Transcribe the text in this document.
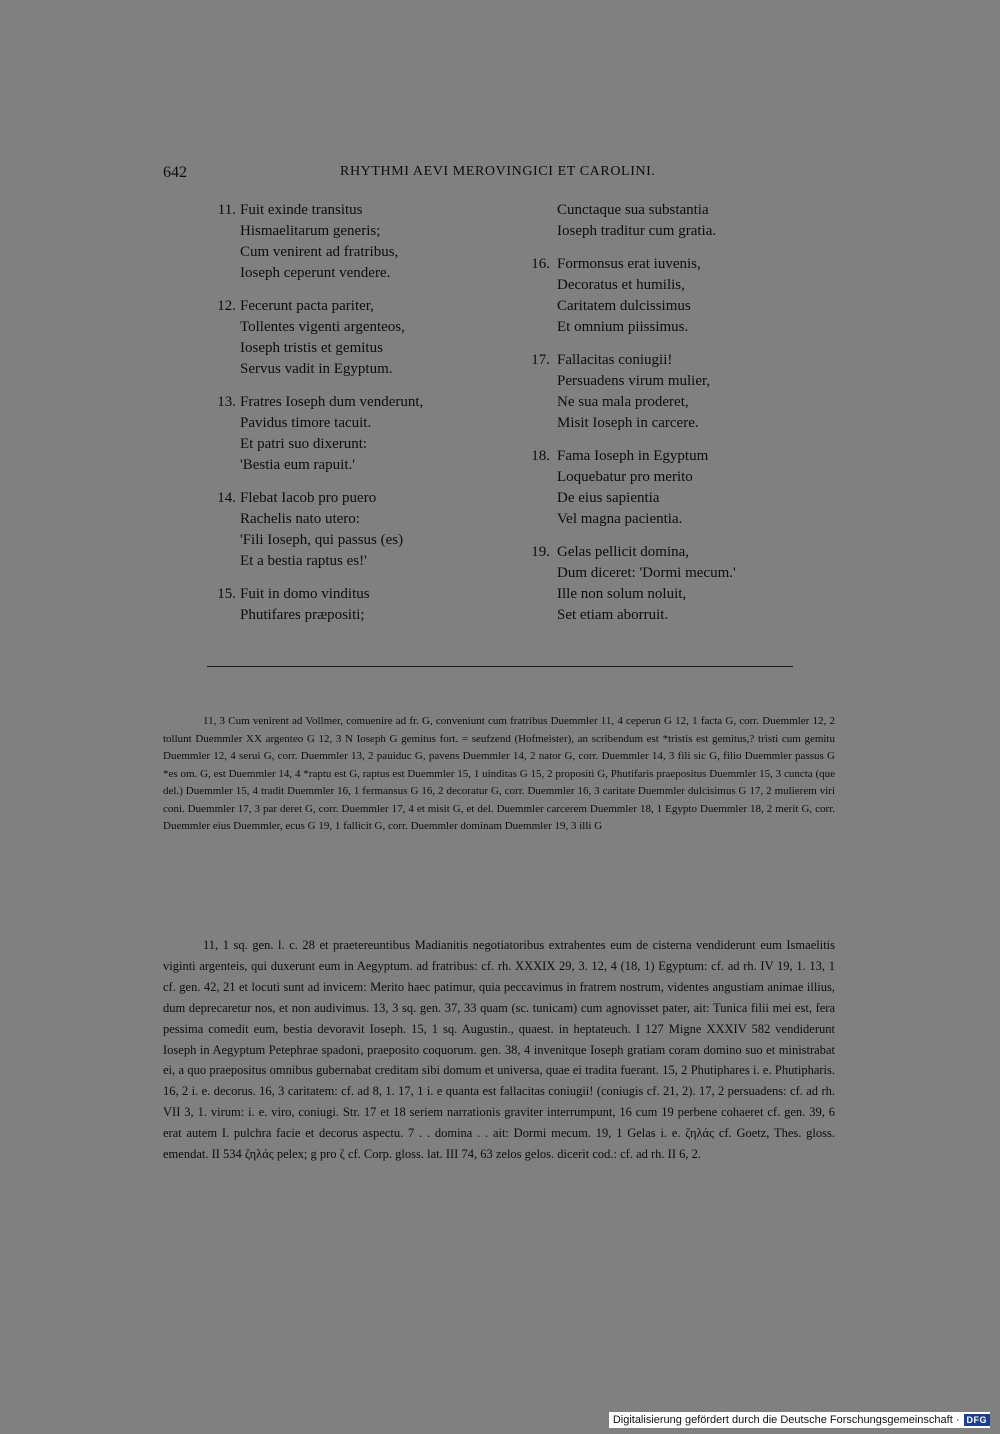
642	RHYTHMI AEVI MEROVINGICI ET CAROLINI.
11. Fuit exinde transitus
Hismaelitarum generis;
Cum venirent ad fratribus,
Ioseph ceperunt vendere.
12. Fecerunt pacta pariter,
Tollentes vigenti argenteos,
Ioseph tristis et gemitus
Servus vadit in Egyptum.
13. Fratres Ioseph dum venderunt,
Pavidus timore tacuit.
Et patri suo dixerunt:
'Bestia eum rapuit.'
14. Flebat Iacob pro puero
Rachelis nato utero:
'Fili Ioseph, qui passus (es)
Et a bestia raptus es!'
15. Fuit in domo vinditus
Phutifares præpositi;
Cunctaque sua substantia
Ioseph traditur cum gratia.
16. Formonsus erat iuvenis,
Decoratus et humilis,
Caritatem dulcissimus
Et omnium piissimus.
17. Fallacitas coniugii!
Persuadens virum mulier,
Ne sua mala proderet,
Misit Ioseph in carcere.
18. Fama Ioseph in Egyptum
Loquebatur pro merito
De eius sapientia
Vel magna pacientia.
19. Gelas pellicit domina,
Dum diceret: 'Dormi mecum.'
Ille non solum noluit,
Set etiam aborruit.

11, 3 Cum venirent ad Vollmer, comuenire ad fr. G, conveniunt cum fratribus Duemmler 11, 4 ceperun G 12, 1 facta G, corr. Duemmler 12, 2 tollunt Duemmler XX argenteo G 12, 3 N Ioseph G gemitus fort. = seufzend (Hofmeister), an scribendum est *tristis est gemitus,? tristi cum gemitu Duemmler 12, 4 serui G, corr. Duemmler 13, 2 pauiduc G, pavens Duemmler 14, 2 nator G, corr. Duemmler 14, 3 fili sic G, filio Duemmler passus G *es om. G, est Duemmler 14, 4 *raptu est G, raptus est Duemmler 15, 1 uinditas G 15, 2 propositi G, Phutifaris praepositus Duemmler 15, 3 cuncta (que del.) Duemmler 15, 4 tradit Duemmler 16, 1 fermansus G 16, 2 decoratur G, corr. Duemmler 16, 3 caritate Duemmler dulcisimus G 17, 2 mulierem viri coni. Duemmler 17, 3 par deret G, corr. Duemmler 17, 4 et misit G, et del. Duemmler carcerem Duemmler 18, 1 Egypto Duemmler 18, 2 merit G, corr. Duemmler eius Duemmler, ecus G 19, 1 fallicit G, corr. Duemmler dominam Duemmler 19, 3 illi G

11, 1 sq. gen. l. c. 28 et praetereuntibus Madianitis negotiatoribus extrahentes eum de cisterna vendiderunt eum Ismaelitis viginti argenteis, qui duxerunt eum in Aegyptum. ad fratribus: cf. rh. XXXIX 29, 3. 12, 4 (18, 1) Egyptum: cf. ad rh. IV 19, 1. 13, 1 cf. gen. 42, 21 et locuti sunt ad invicem: Merito haec patimur, quia peccavimus in fratrem nostrum, videntes angustiam animae illius, dum deprecaretur nos, et non audivimus. 13, 3 sq. gen. 37, 33 quam (sc. tunicam) cum agnovisset pater, ait: Tunica filii mei est, fera pessima comedit eum, bestia devoravit Ioseph. 15, 1 sq. Augustin., quaest. in heptateuch. I 127 Migne XXXIV 582 vendiderunt Ioseph in Aegyptum Petephrae spadoni, praeposito coquorum. gen. 38, 4 invenitque Ioseph gratiam coram domino suo et ministrabat ei, a quo praepositus omnibus gubernabat creditam sibi domum et universa, quae ei tradita fuerant. 15, 2 Phutiphares i. e. Phutipharis. 16, 2 i. e. decorus. 16, 3 caritatem: cf. ad 8, 1. 17, 1 i. e quanta est fallacitas coniugii! (coniugis cf. 21, 2). 17, 2 persuadens: cf. ad rh. VII 3, 1. virum: i. e. viro, coniugi. Str. 17 et 18 seriem narrationis graviter interrumpunt, 16 cum 19 perbene cohaeret cf. gen. 39, 6 erat autem I. pulchra facie et decorus aspectu. 7 . . domina . . ait: Dormi mecum. 19, 1 Gelas i. e. ζηλάς cf. Goetz, Thes. gloss. emendat. II 534 ζηλάς pelex; g pro ζ cf. Corp. gloss. lat. III 74, 63 zelos gelos. dicerit cod.: cf. ad rh. II 6, 2.

Digitalisierung gefördert durch die Deutsche Forschungsgemeinschaft · DFG
